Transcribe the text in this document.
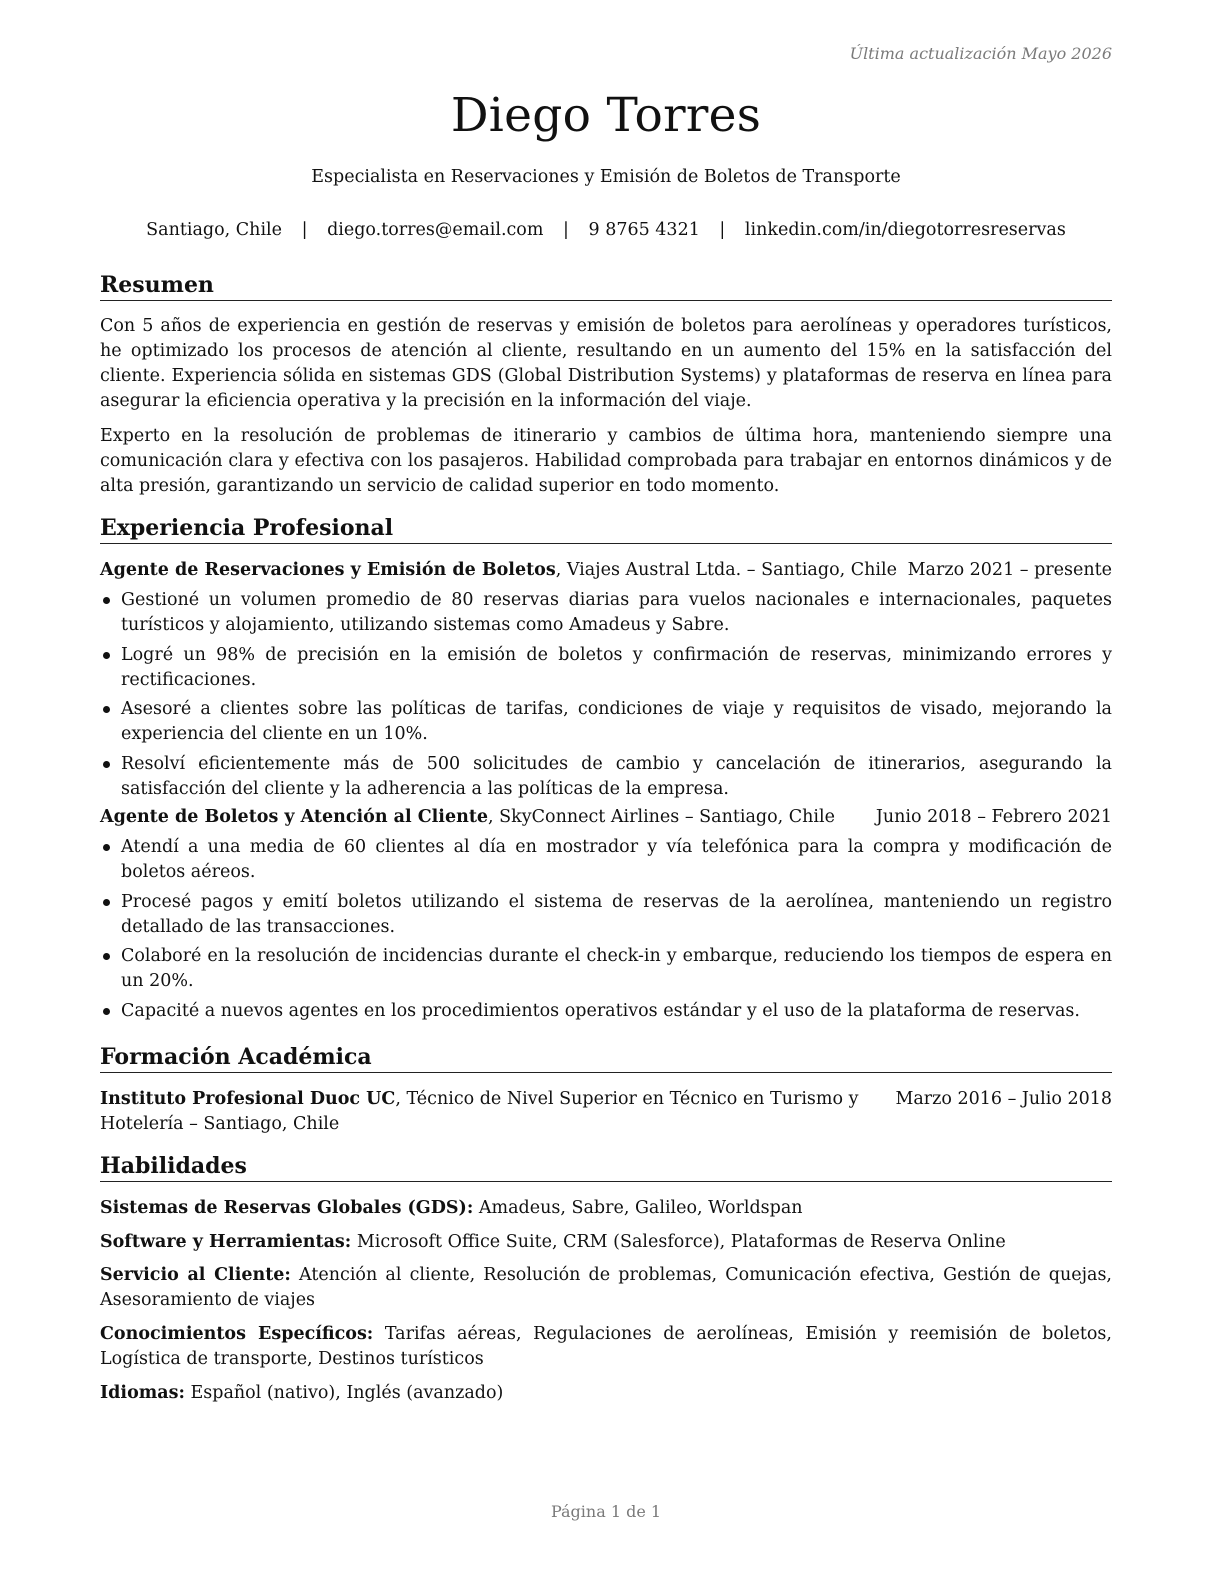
Última actualización Mayo 2026
Diego Torres
Especialista en Reservaciones y Emisión de Boletos de Transporte
Santiago, Chile | diego.torres@email.com | 9 8765 4321 | linkedin.com/in/diegotorresreservas
Resumen
Con 5 años de experiencia en gestión de reservas y emisión de boletos para aerolíneas y operadores turísticos, he optimizado los procesos de atención al cliente, resultando en un aumento del 15% en la satisfacción del cliente. Experiencia sólida en sistemas GDS (Global Distribution Systems) y plataformas de reserva en línea para asegurar la eficiencia operativa y la precisión en la información del viaje.
Experto en la resolución de problemas de itinerario y cambios de última hora, manteniendo siempre una comunicación clara y efectiva con los pasajeros. Habilidad comprobada para trabajar en entornos dinámicos y de alta presión, garantizando un servicio de calidad superior en todo momento.
Experiencia Profesional
Agente de Reservaciones y Emisión de Boletos, Viajes Austral Ltda. – Santiago, Chile Marzo 2021 – presente
Gestioné un volumen promedio de 80 reservas diarias para vuelos nacionales e internacionales, paquetes turísticos y alojamiento, utilizando sistemas como Amadeus y Sabre.
Logré un 98% de precisión en la emisión de boletos y confirmación de reservas, minimizando errores y rectificaciones.
Asesoré a clientes sobre las políticas de tarifas, condiciones de viaje y requisitos de visado, mejorando la experiencia del cliente en un 10%.
Resolví eficientemente más de 500 solicitudes de cambio y cancelación de itinerarios, asegurando la satisfacción del cliente y la adherencia a las políticas de la empresa.
Agente de Boletos y Atención al Cliente, SkyConnect Airlines – Santiago, Chile Junio 2018 – Febrero 2021
Atendí a una media de 60 clientes al día en mostrador y vía telefónica para la compra y modificación de boletos aéreos.
Procesé pagos y emití boletos utilizando el sistema de reservas de la aerolínea, manteniendo un registro detallado de las transacciones.
Colaboré en la resolución de incidencias durante el check-in y embarque, reduciendo los tiempos de espera en un 20%.
Capacité a nuevos agentes en los procedimientos operativos estándar y el uso de la plataforma de reservas.
Formación Académica
Instituto Profesional Duoc UC, Técnico de Nivel Superior en Técnico en Turismo y Hotelería – Santiago, Chile
Marzo 2016 – Julio 2018
Habilidades
Sistemas de Reservas Globales (GDS): Amadeus, Sabre, Galileo, Worldspan
Software y Herramientas: Microsoft Office Suite, CRM (Salesforce), Plataformas de Reserva Online
Servicio al Cliente: Atención al cliente, Resolución de problemas, Comunicación efectiva, Gestión de quejas, Asesoramiento de viajes
Conocimientos Específicos: Tarifas aéreas, Regulaciones de aerolíneas, Emisión y reemisión de boletos, Logística de transporte, Destinos turísticos
Idiomas: Español (nativo), Inglés (avanzado)
Página 1 de 1
